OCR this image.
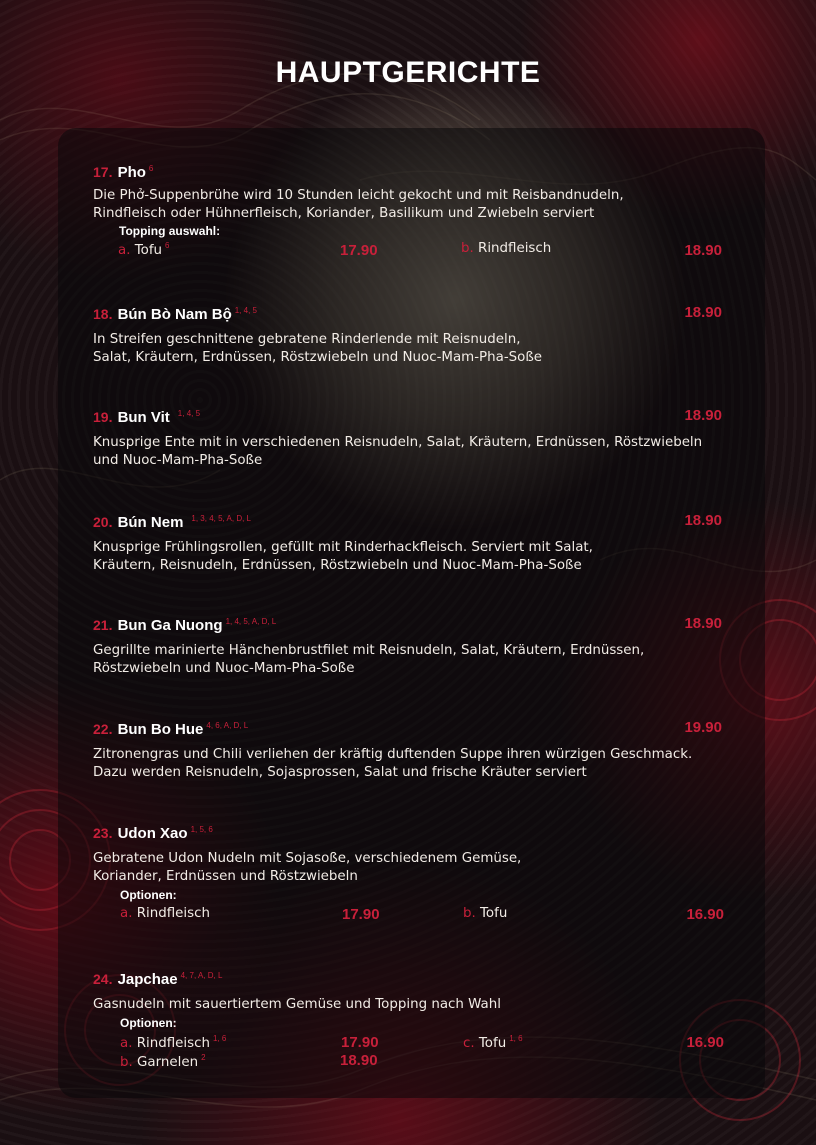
HAUPTGERICHTE
17. Pho $^6$
Die Phở-Suppenbrühe wird 10 Stunden leicht gekocht und mit Reisbandnudeln,
Rindfleisch oder Hühnerfleisch, Koriander, Basilikum und Zwiebeln serviert
Topping auswahl:
a. Tofu $^6$	17.90	b. Rindfleisch	18.90
18. Bún Bò Nam Bộ $^{1, 4, 5}$	18.90
In Streifen geschnittene gebratene Rinderlende mit Reisnudeln,
Salat, Kräutern, Erdnüssen, Röstzwiebeln und Nuoc-Mam-Pha-Soße
19. Bun Vit $^{1, 4, 5}$	18.90
Knusprige Ente mit in verschiedenen Reisnudeln, Salat, Kräutern, Erdnüssen, Röstzwiebeln
und Nuoc-Mam-Pha-Soße
20. Bún Nem $^{1, 3, 4, 5, A, D, L}$	18.90
Knusprige Frühlingsrollen, gefüllt mit Rinderhackfleisch. Serviert mit Salat,
Kräutern, Reisnudeln, Erdnüssen, Röstzwiebeln und Nuoc-Mam-Pha-Soße
21. Bun Ga Nuong $^{1, 4, 5, A, D, L}$	18.90
Gegrillte marinierte Hänchenbrustfilet mit Reisnudeln, Salat, Kräutern, Erdnüssen,
Röstzwiebeln und Nuoc-Mam-Pha-Soße
22. Bun Bo Hue $^{4, 6, A, D, L}$	19.90
Zitronengras und Chili verliehen der kräftig duftenden Suppe ihren würzigen Geschmack.
Dazu werden Reisnudeln, Sojasprossen, Salat und frische Kräuter serviert
23. Udon Xao $^{1, 5, 6}$
Gebratene Udon Nudeln mit Sojasoße, verschiedenem Gemüse,
Koriander, Erdnüssen und Röstzwiebeln
Optionen:
a. Rindfleisch	17.90	b. Tofu	16.90
24. Japchae $^{4, 7, A, D, L}$
Gasnudeln mit sauertiertem Gemüse und Topping nach Wahl
Optionen:
a. Rindfleisch $^{1, 6}$	17.90	c. Tofu $^{1, 6}$	16.90
b. Garnelen $^2$	18.90
